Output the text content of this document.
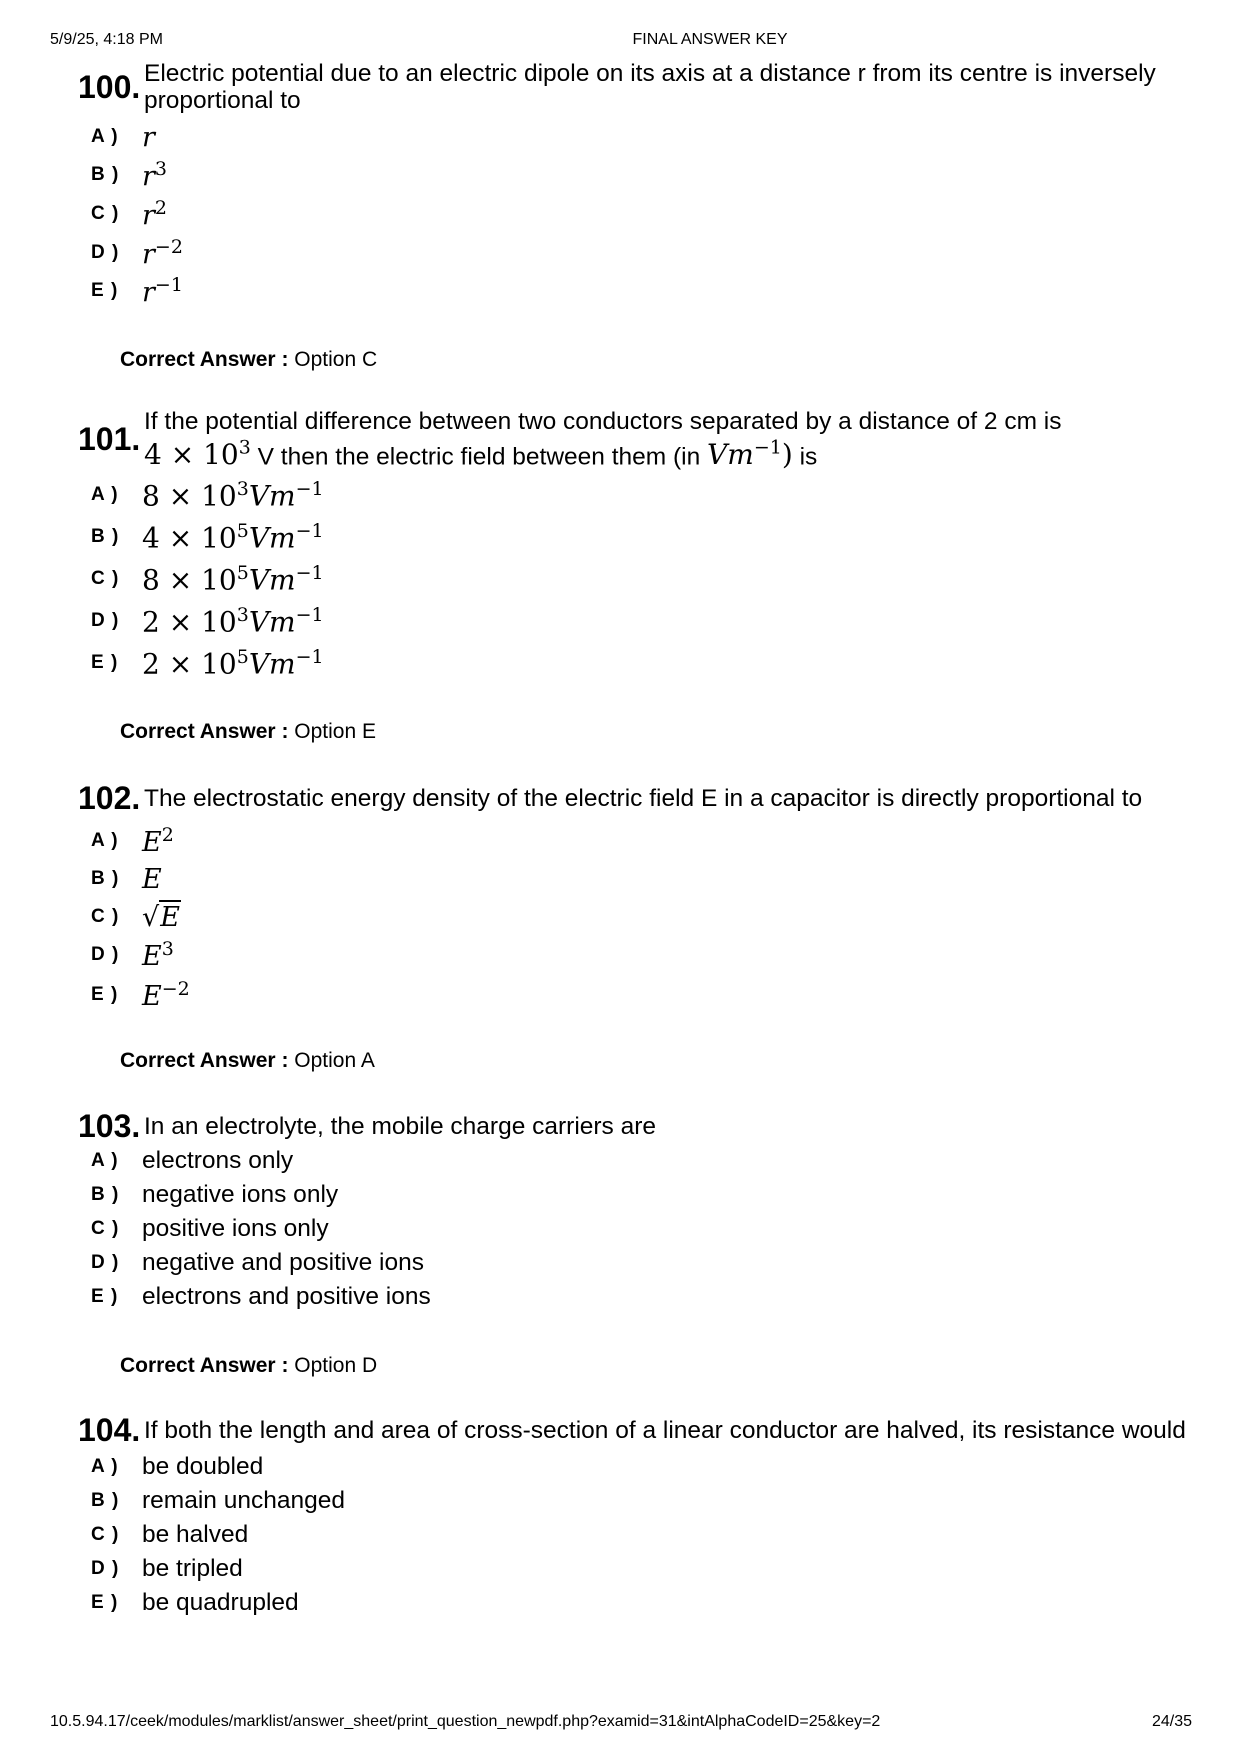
5/9/25, 4:18 PM	FINAL ANSWER KEY
100. Electric potential due to an electric dipole on its axis at a distance r from its centre is inversely proportional to
A ) r
B ) $r^3$
C ) $r^2$
D ) $r^{-2}$
E ) $r^{-1}$
Correct Answer : Option C
101. If the potential difference between two conductors separated by a distance of 2 cm is
$4 \times 10^3$ V then the electric field between them (in $Vm^{-1}$) is
A ) $8 \times 10^3Vm^{-1}$
B ) $4 \times 10^5Vm^{-1}$
C ) $8 \times 10^5Vm^{-1}$
D ) $2 \times 10^3Vm^{-1}$
E ) $2 \times 10^5Vm^{-1}$
Correct Answer : Option E
102. The electrostatic energy density of the electric field E in a capacitor is directly proportional to
A ) $E^2$
B ) E
C ) √E
D ) $E^3$
E ) $E^{-2}$
Correct Answer : Option A
103. In an electrolyte, the mobile charge carriers are
A ) electrons only
B ) negative ions only
C ) positive ions only
D ) negative and positive ions
E ) electrons and positive ions
Correct Answer : Option D
104. If both the length and area of cross-section of a linear conductor are halved, its resistance would
A ) be doubled
B ) remain unchanged
C ) be halved
D ) be tripled
E ) be quadrupled
10.5.94.17/ceek/modules/marklist/answer_sheet/print_question_newpdf.php?examid=31&intAlphaCodeID=25&key=2	24/35
